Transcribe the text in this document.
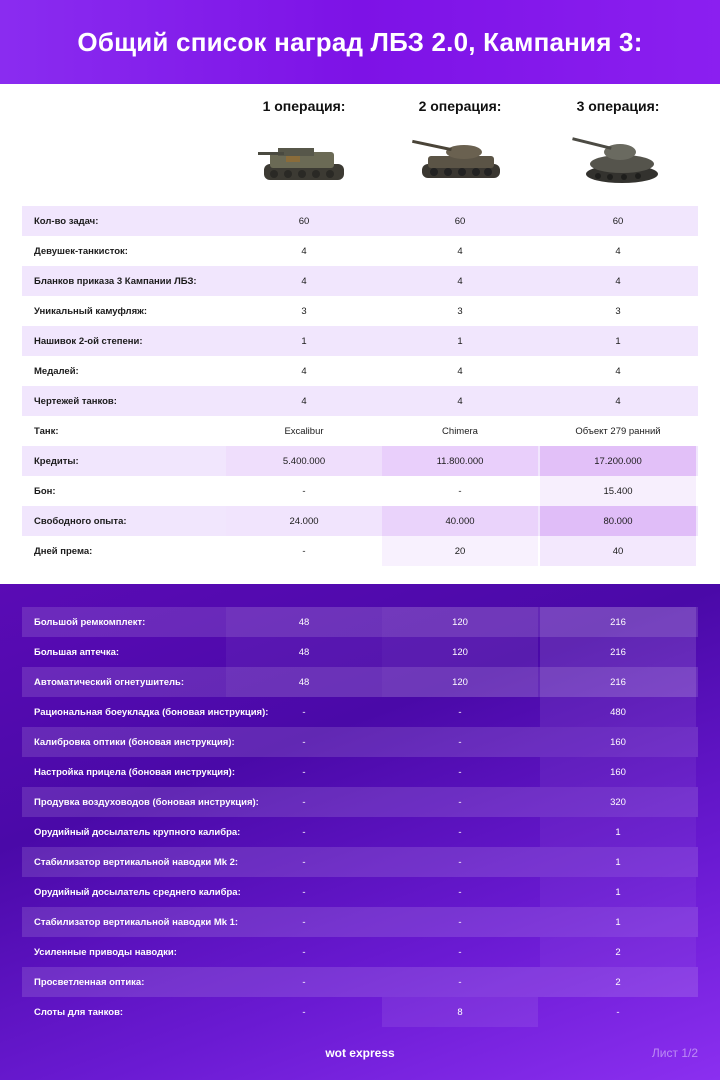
Общий список наград ЛБЗ 2.0, Кампания 3:
1 операция:	2 операция:	3 операция:
Кол-во задач:	60	60	60
Девушек-танкисток:	4	4	4
Бланков приказа 3 Кампании ЛБЗ:	4	4	4
Уникальный камуфляж:	3	3	3
Нашивок 2-ой степени:	1	1	1
Медалей:	4	4	4
Чертежей танков:	4	4	4
Танк:	Excalibur	Chimera	Объект 279 ранний
Кредиты:	5.400.000	11.800.000	17.200.000
Бон:	-	-	15.400
Свободного опыта:	24.000	40.000	80.000
Дней према:	-	20	40
Большой ремкомплект:	48	120	216
Большая аптечка:	48	120	216
Автоматический огнетушитель:	48	120	216
Рациональная боеукладка (боновая инструкция):	-	-	480
Калибровка оптики (боновая инструкция):	-	-	160
Настройка прицела (боновая инструкция):	-	-	160
Продувка воздуховодов (боновая инструкция):	-	-	320
Орудийный досылатель крупного калибра:	-	-	1
Стабилизатор вертикальной наводки Mk 2:	-	-	1
Орудийный досылатель среднего калибра:	-	-	1
Стабилизатор вертикальной наводки Mk 1:	-	-	1
Усиленные приводы наводки:	-	-	2
Просветленная оптика:	-	-	2
Слоты для танков:	-	8	-
wot express	Лист 1/2
